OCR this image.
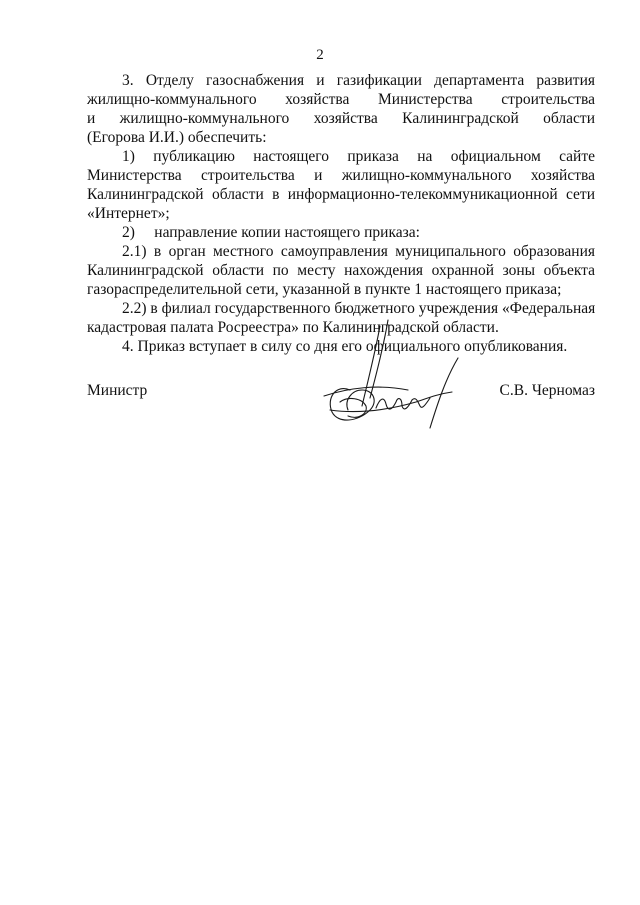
2
3. Отделу газоснабжения и газификации департамента развития
жилищно-коммунального хозяйства Министерства строительства
и жилищно-коммунального хозяйства Калининградской области
(Егорова И.И.) обеспечить:
1) публикацию настоящего приказа на официальном сайте
Министерства строительства и жилищно-коммунального хозяйства
Калининградской области в информационно-телекоммуникационной сети
«Интернет»;
2)     направление копии настоящего приказа:
2.1) в орган местного самоуправления муниципального образования
Калининградской области по месту нахождения охранной зоны объекта
газораспределительной сети, указанной в пункте 1 настоящего приказа;
2.2) в филиал государственного бюджетного учреждения «Федеральная
кадастровая палата Росреестра» по Калининградской области.
4. Приказ вступает в силу со дня его официального опубликования.
Министр	С.В. Черномаз
